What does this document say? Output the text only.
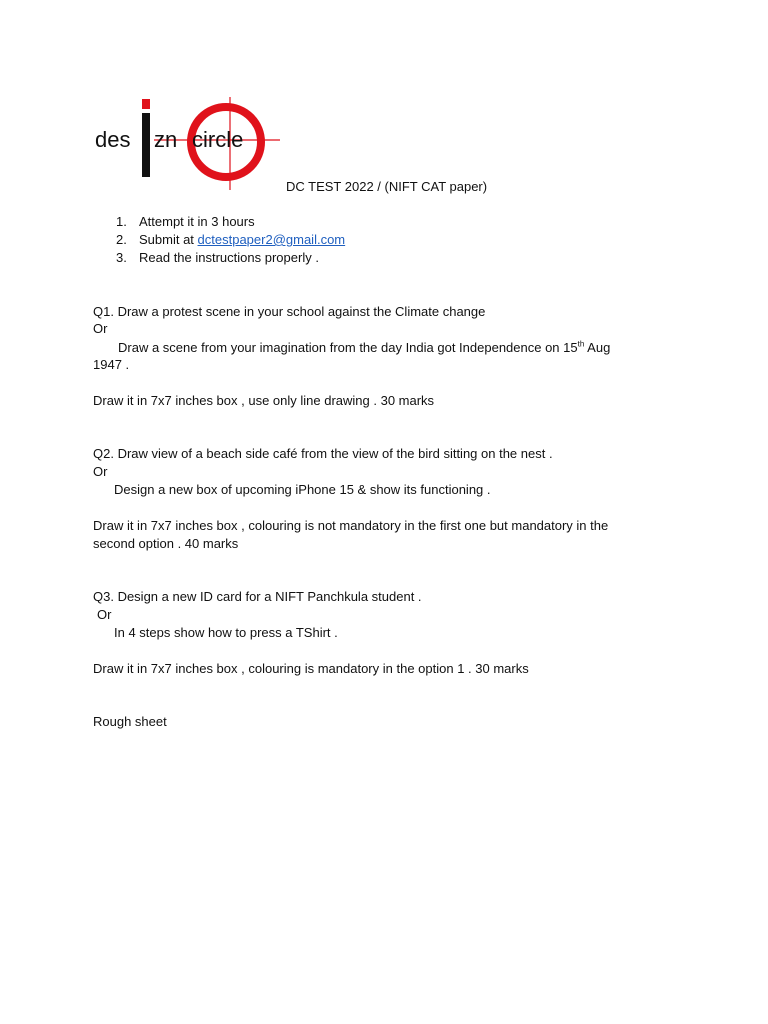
des zn circle
DC TEST 2022 / (NIFT CAT paper)
1. Attempt it in 3 hours
2. Submit at dctestpaper2@gmail.com
3. Read the instructions properly .
Q1. Draw a protest scene in your school against the Climate change
Or
Draw a scene from your imagination from the day India got Independence on 15th Aug
1947 .
Draw it in 7x7 inches box , use only line drawing . 30 marks
Q2. Draw view of a beach side café from the view of the bird sitting on the nest .
Or
Design a new box of upcoming iPhone 15 & show its functioning .
Draw it in 7x7 inches box , colouring is not mandatory in the first one but mandatory in the
second option . 40 marks
Q3. Design a new ID card for a NIFT Panchkula student .
Or
In 4 steps show how to press a TShirt .
Draw it in 7x7 inches box , colouring is mandatory in the option 1 . 30 marks
Rough sheet
